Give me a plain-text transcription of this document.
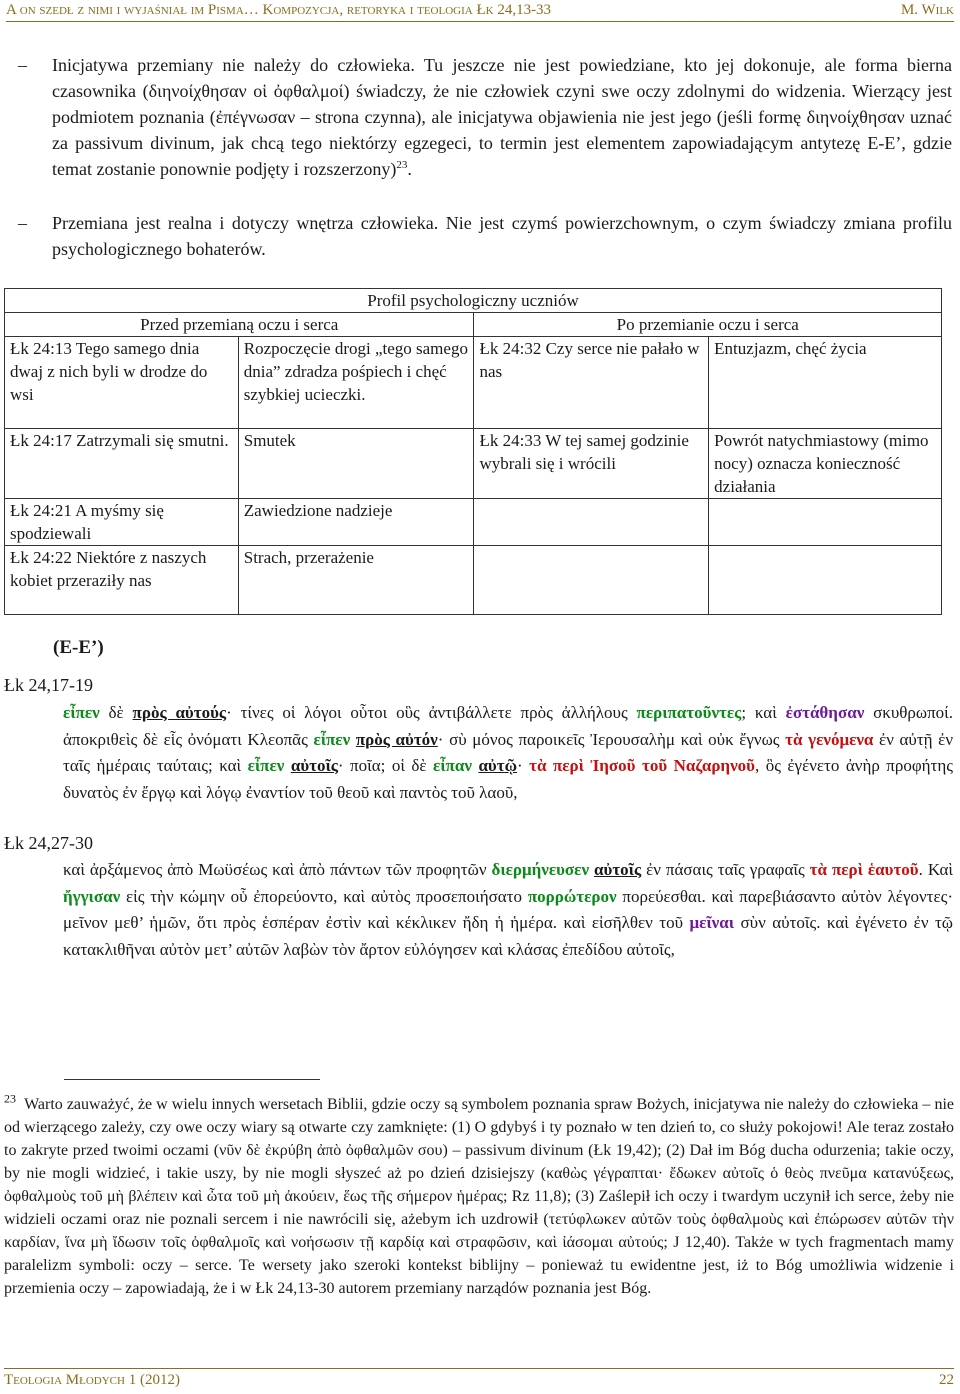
A on szedł z nimi i wyjaśniał im Pisma… Kompozycja, retoryka i teologia Łk 24,13-33	M. Wilk
– Inicjatywa przemiany nie należy do człowieka. Tu jeszcze nie jest powiedziane, kto jej dokonuje, ale forma bierna czasownika (διηνοίχθησαν οἱ ὀφθαλμοί) świadczy, że nie człowiek czyni swe oczy zdolnymi do widzenia. Wierzący jest podmiotem poznania (ἐπέγνωσαν – strona czynna), ale inicjatywa objawienia nie jest jego (jeśli formę διηνοίχθησαν uznać za passivum divinum, jak chcą tego niektórzy egzegeci, to termin jest elementem zapowiadającym antytezę E-E’, gdzie temat zostanie ponownie podjęty i rozszerzony)$^{23}$.
– Przemiana jest realna i dotyczy wnętrza człowieka. Nie jest czymś powierzchownym, o czym świadczy zmiana profilu psychologicznego bohaterów.
Profil psychologiczny uczniów			
Przed przemianą oczu i serca		Po przemianie oczu i serca	
Łk 24:13 Tego samego dnia dwaj z nich byli w drodze do wsi	Rozpoczęcie drogi „tego samego dnia” zdradza pośpiech i chęć szybkiej ucieczki.	Łk 24:32 Czy serce nie pałało w nas	Entuzjazm, chęć życia
Łk 24:17 Zatrzymali się smutni.	Smutek	Łk 24:33 W tej samej godzinie wybrali się i wrócili	Powrót natychmiastowy (mimo nocy) oznacza konieczność działania
Łk 24:21 A myśmy się spodziewali	Zawiedzione nadzieje		
Łk 24:22 Niektóre z naszych kobiet przeraziły nas	Strach, przerażenie		
(E-E’)
Łk 24,17-19
εἶπεν δὲ πρὸς αὐτούς· τίνες οἱ λόγοι οὗτοι οὓς ἀντιβάλλετε πρὸς ἀλλήλους περιπατοῦντες; καὶ ἐστάθησαν σκυθρωποί. ἀποκριθεὶς δὲ εἷς ὀνόματι Κλεοπᾶς εἶπεν πρὸς αὐτόν· σὺ μόνος παροικεῖς Ἰερουσαλὴμ καὶ οὐκ ἔγνως τὰ γενόμενα ἐν αὐτῇ ἐν ταῖς ἡμέραις ταύταις; καὶ εἶπεν αὐτοῖς· ποῖα; οἱ δὲ εἶπαν αὐτῷ· τὰ περὶ Ἰησοῦ τοῦ Ναζαρηνοῦ, ὃς ἐγένετο ἀνὴρ προφήτης δυνατὸς ἐν ἔργῳ καὶ λόγῳ ἐναντίον τοῦ θεοῦ καὶ παντὸς τοῦ λαοῦ,
Łk 24,27-30
καὶ ἀρξάμενος ἀπὸ Μωϋσέως καὶ ἀπὸ πάντων τῶν προφητῶν διερμήνευσεν αὐτοῖς ἐν πάσαις ταῖς γραφαῖς τὰ περὶ ἑαυτοῦ. Καὶ ἤγγισαν εἰς τὴν κώμην οὗ ἐπορεύοντο, καὶ αὐτὸς προσεποιήσατο πορρώτερον πορεύεσθαι. καὶ παρεβιάσαντο αὐτὸν λέγοντες· μεῖνον μεθ’ ἡμῶν, ὅτι πρὸς ἑσπέραν ἐστὶν καὶ κέκλικεν ἤδη ἡ ἡμέρα. καὶ εἰσῆλθεν τοῦ μεῖναι σὺν αὐτοῖς. καὶ ἐγένετο ἐν τῷ κατακλιθῆναι αὐτὸν μετ’ αὐτῶν λαβὼν τὸν ἄρτον εὐλόγησεν καὶ κλάσας ἐπεδίδου αὐτοῖς,
$^{23}$ Warto zauważyć, że w wielu innych wersetach Biblii, gdzie oczy są symbolem poznania spraw Bożych, inicjatywa nie należy do człowieka – nie od wierzącego zależy, czy owe oczy wiary są otwarte czy zamknięte: (1) O gdybyś i ty poznało w ten dzień to, co służy pokojowi! Ale teraz zostało to zakryte przed twoimi oczami (νῦν δὲ ἐκρύβη ἀπὸ ὀφθαλμῶν σου) – passivum divinum (Łk 19,42); (2) Dał im Bóg ducha odurzenia; takie oczy, by nie mogli widzieć, i takie uszy, by nie mogli słyszeć aż po dzień dzisiejszy (καθὼς γέγραπται· ἔδωκεν αὐτοῖς ὁ θεὸς πνεῦμα κατανύξεως, ὀφθαλμοὺς τοῦ μὴ βλέπειν καὶ ὦτα τοῦ μὴ ἀκούειν, ἕως τῆς σήμερον ἡμέρας; Rz 11,8); (3) Zaślepił ich oczy i twardym uczynił ich serce, żeby nie widzieli oczami oraz nie poznali sercem i nie nawrócili się, ażebym ich uzdrowił (τετύφλωκεν αὐτῶν τοὺς ὀφθαλμοὺς καὶ ἐπώρωσεν αὐτῶν τὴν καρδίαν, ἵνα μὴ ἴδωσιν τοῖς ὀφθαλμοῖς καὶ νοήσωσιν τῇ καρδίᾳ καὶ στραφῶσιν, καὶ ἰάσομαι αὐτούς; J 12,40). Także w tych fragmentach mamy paralelizm symboli: oczy – serce. Te wersety jako szeroki kontekst biblijny – ponieważ tu ewidentne jest, iż to Bóg umożliwia widzenie i przemienia oczy – zapowiadają, że i w Łk 24,13-30 autorem przemiany narządów poznania jest Bóg.
Teologia Młodych 1 (2012)	22
